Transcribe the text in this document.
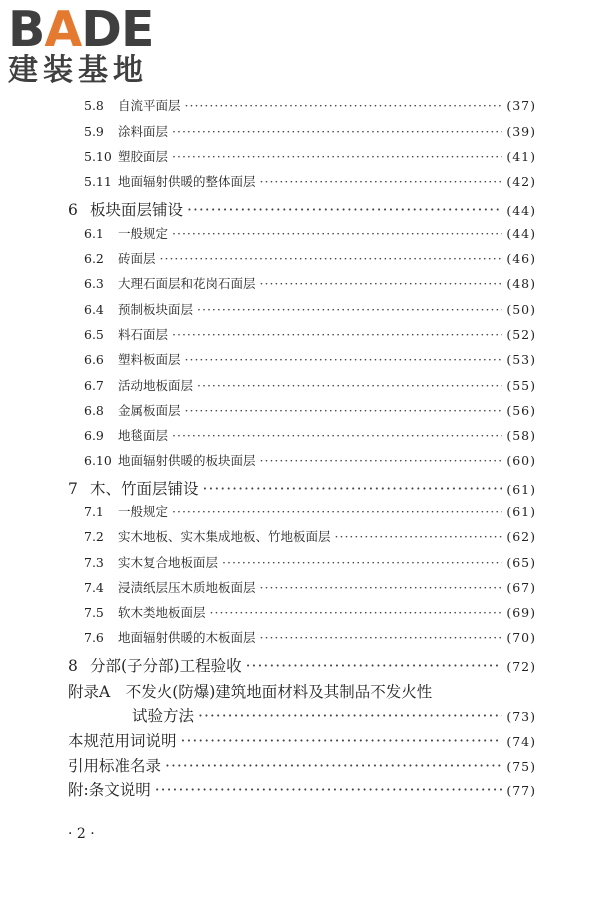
BADE
建装基地
5.8	自流平面层 ·····	(37)
5.9	涂料面层 ·····	(39)
5.10 塑胶面层 ·····	(41)
5.11 地面辐射供暖的整体面层 ·····	(42)
6 板块面层铺设 ·····	(44)
6.1	一般规定 ·····	(44)
6.2	砖面层 ·····	(46)
6.3	大理石面层和花岗石面层 ·····	(48)
6.4	预制板块面层 ·····	(50)
6.5	料石面层 ·····	(52)
6.6	塑料板面层 ·····	(53)
6.7	活动地板面层 ·····	(55)
6.8	金属板面层 ·····	(56)
6.9	地毯面层 ·····	(58)
6.10 地面辐射供暖的板块面层 ·····	(60)
7 木、竹面层铺设 ·····	(61)
7.1	一般规定 ·····	(61)
7.2	实木地板、实木集成地板、竹地板面层 ·····	(62)
7.3	实木复合地板面层 ·····	(65)
7.4	浸渍纸层压木质地板面层 ·····	(67)
7.5	软木类地板面层 ·····	(69)
7.6	地面辐射供暖的木板面层 ·····	(70)
8 分部(子分部)工程验收 ·····	(72)
附录A　不发火(防爆)建筑地面材料及其制品不发火性
试验方法 ·····	(73)
本规范用词说明 ·····	(74)
引用标准名录 ·····	(75)
附:条文说明 ·····	(77)
· 2 ·
